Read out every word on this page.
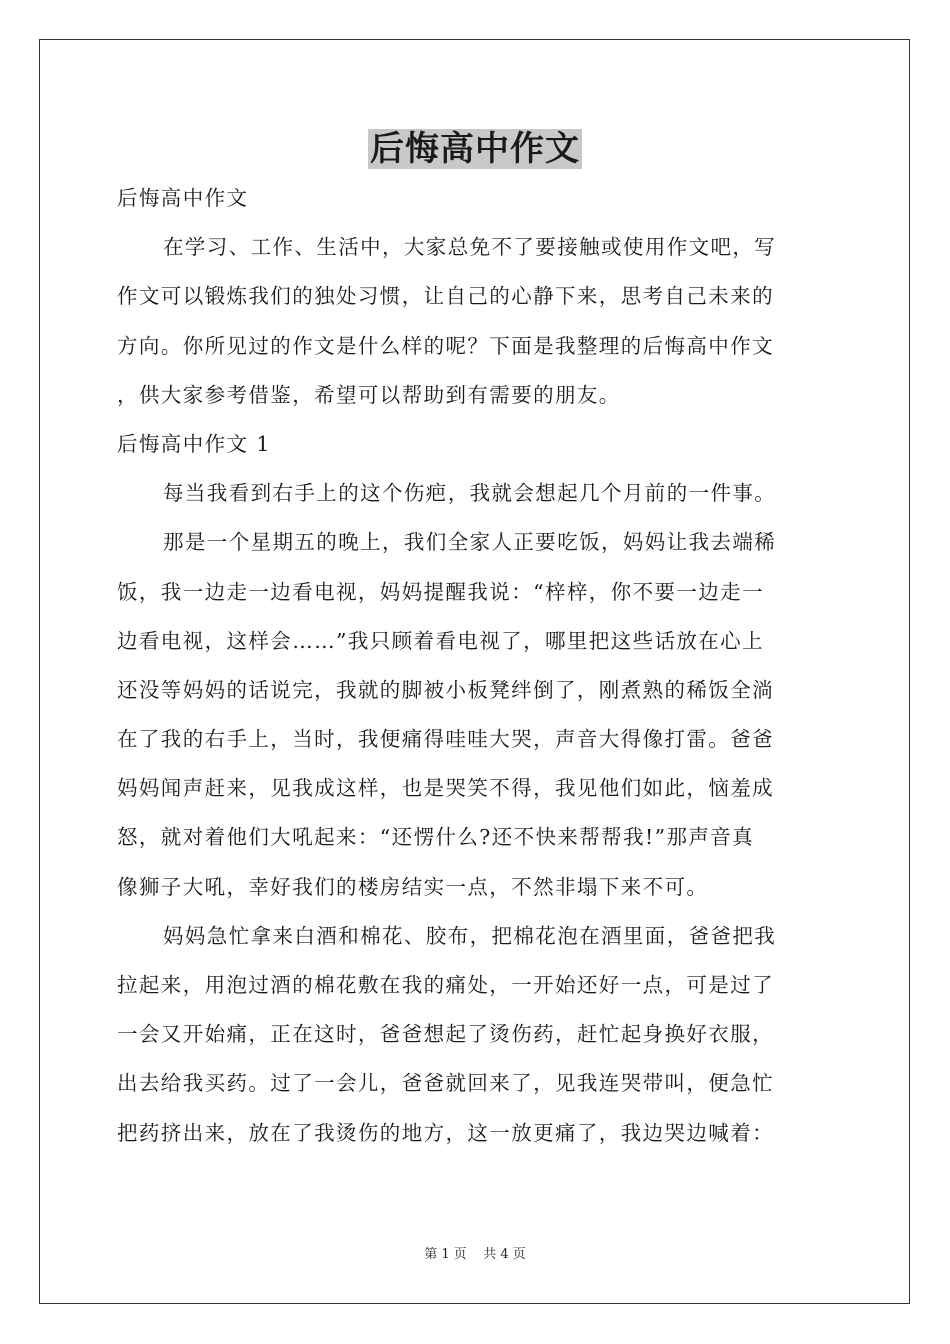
后悔高中作文
后悔高中作文
在学习、工作、生活中，大家总免不了要接触或使用作文吧，写
作文可以锻炼我们的独处习惯，让自己的心静下来，思考自己未来的
方向。你所见过的作文是什么样的呢？下面是我整理的后悔高中作文
，供大家参考借鉴，希望可以帮助到有需要的朋友。
后悔高中作文 1
每当我看到右手上的这个伤疤，我就会想起几个月前的一件事。
那是一个星期五的晚上，我们全家人正要吃饭，妈妈让我去端稀
饭，我一边走一边看电视，妈妈提醒我说：“梓梓，你不要一边走一
边看电视，这样会……”我只顾着看电视了，哪里把这些话放在心上
还没等妈妈的话说完，我就的脚被小板凳绊倒了，刚煮熟的稀饭全淌
在了我的右手上，当时，我便痛得哇哇大哭，声音大得像打雷。爸爸
妈妈闻声赶来，见我成这样，也是哭笑不得，我见他们如此，恼羞成
怒，就对着他们大吼起来：“还愣什么?还不快来帮帮我!”那声音真
像狮子大吼，幸好我们的楼房结实一点，不然非塌下来不可。
妈妈急忙拿来白酒和棉花、胶布，把棉花泡在酒里面，爸爸把我
拉起来，用泡过酒的棉花敷在我的痛处，一开始还好一点，可是过了
一会又开始痛，正在这时，爸爸想起了烫伤药，赶忙起身换好衣服，
出去给我买药。过了一会儿，爸爸就回来了，见我连哭带叫，便急忙
把药挤出来，放在了我烫伤的地方，这一放更痛了，我边哭边喊着：
第 1 页    共 4 页
